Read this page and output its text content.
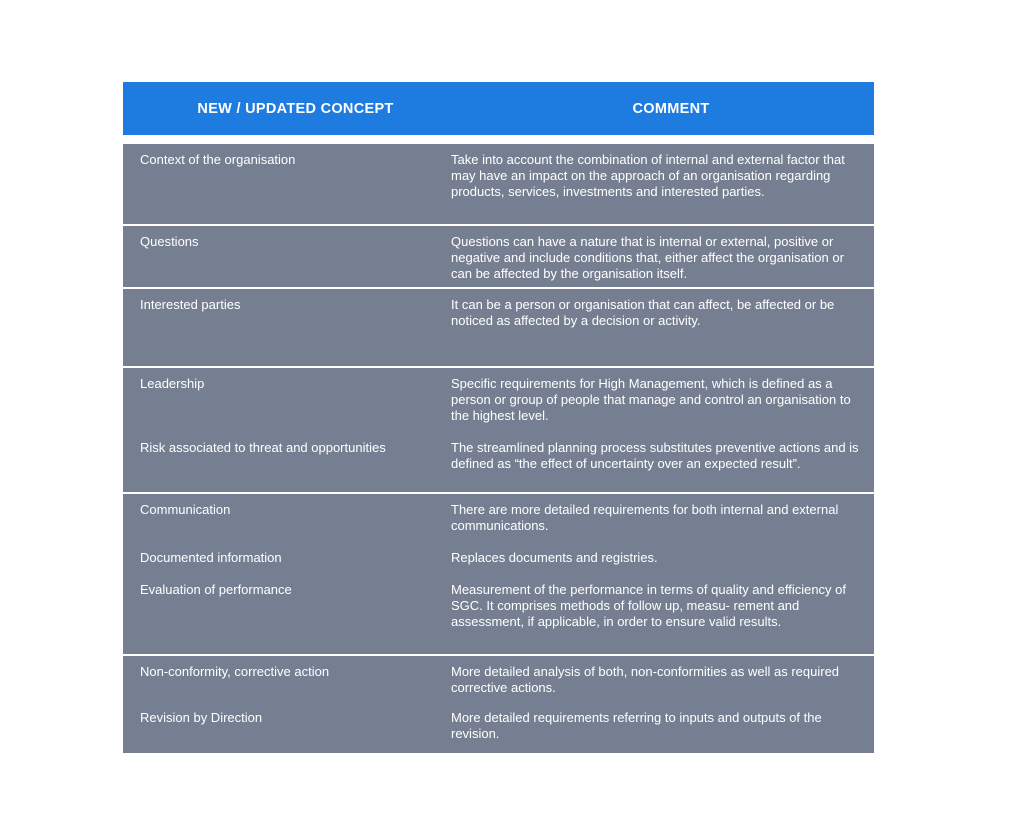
NEW / UPDATED CONCEPT	COMMENT
Context of the organisation	Take into account the combination of internal and external factor that may have an impact on the approach of an organisation regarding products, services, investments and interested parties.
Questions	Questions can have a nature that is internal or external, positive or negative and include conditions that, either affect the organisation or can be affected by the organisation itself.
Interested parties	It can be a person or organisation that can affect, be affected or be noticed as affected by a decision or activity.
Leadership	Specific requirements for High Management, which is defined as a person or group of people that manage and control an organisation to the highest level.
Risk associated to threat and opportunities	The streamlined planning process substitutes preventive actions and is defined as “the effect of uncertainty over an expected result”.
Communication	There are more detailed requirements for both internal and external communications.
Documented information	Replaces documents and registries.
Evaluation of performance	Measurement of the performance in terms of quality and efficiency of SGC. It comprises methods of follow up, measu- rement and assessment, if applicable, in order to ensure valid results.
Non-conformity, corrective action	More detailed analysis of both, non-conformities as well as required corrective actions.
Revision by Direction	More detailed requirements referring to inputs and outputs of the revision.
